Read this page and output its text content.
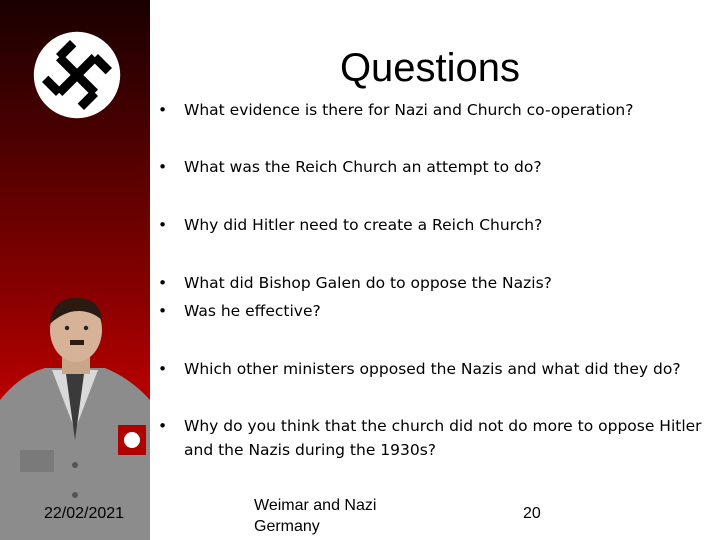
Questions
• What evidence is there for Nazi and Church co-operation?
• What was the Reich Church an attempt to do?
• Why did Hitler need to create a Reich Church?
• What did Bishop Galen do to oppose the Nazis?
• Was he effective?
• Which other ministers opposed the Nazis and what did they do?
• Why do you think that the church did not do more to oppose Hitler and the Nazis during the 1930s?
22/02/2021	Weimar and Nazi
Germany
20
